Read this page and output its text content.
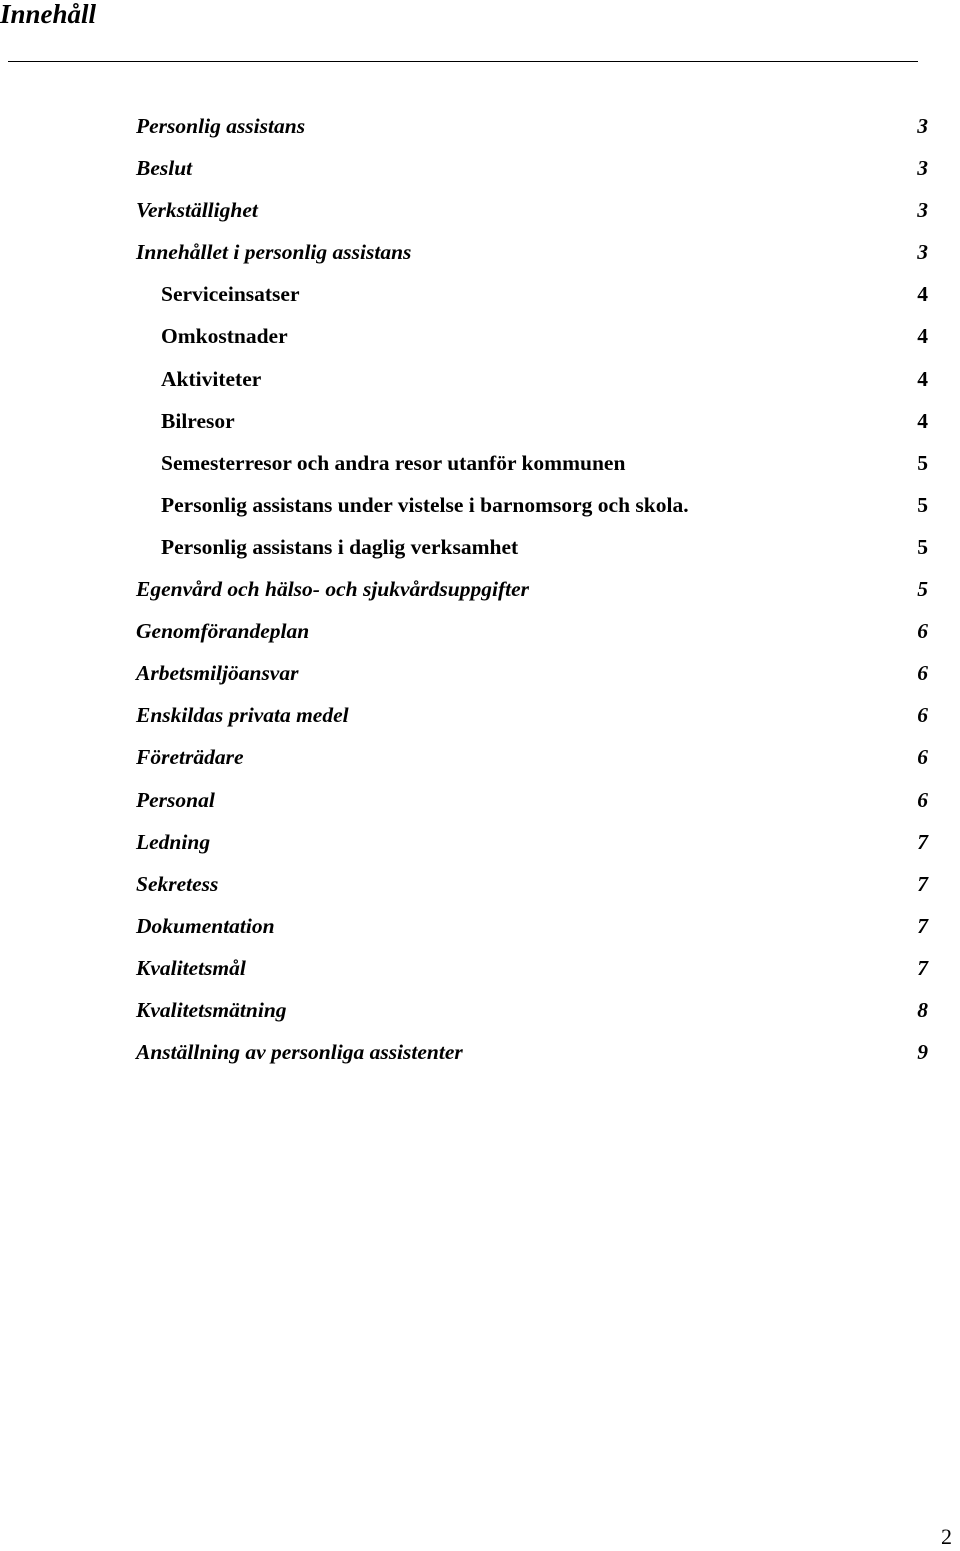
Innehåll
Personlig assistans	3
Beslut	3
Verkställighet	3
Innehållet i personlig assistans	3
Serviceinsatser	4
Omkostnader	4
Aktiviteter	4
Bilresor	4
Semesterresor och andra resor utanför kommunen	5
Personlig assistans under vistelse i barnomsorg och skola.	5
Personlig assistans i daglig verksamhet	5
Egenvård och hälso- och sjukvårdsuppgifter	5
Genomförandeplan	6
Arbetsmiljöansvar	6
Enskildas privata medel	6
Företrädare	6
Personal	6
Ledning	7
Sekretess	7
Dokumentation	7
Kvalitetsmål	7
Kvalitetsmätning	8
Anställning av personliga assistenter	9
2
